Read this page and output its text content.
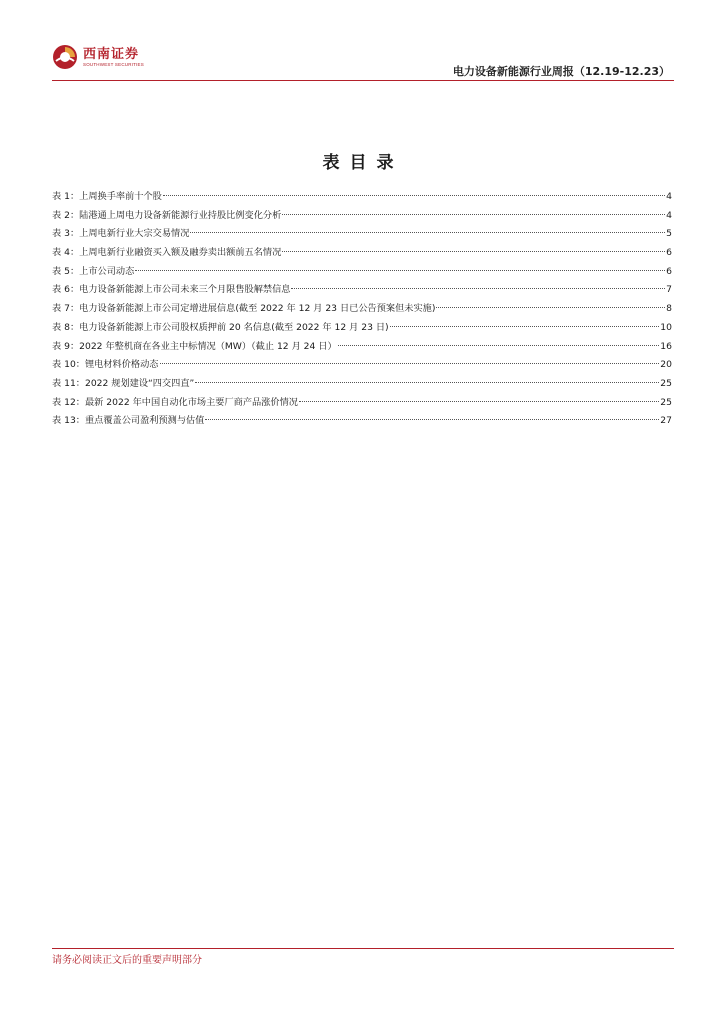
西南证券
SOUTHWEST SECURITIES
电力设备新能源行业周报（12.19-12.23）
表目录
表 1：上周换手率前十个股	4
表 2：陆港通上周电力设备新能源行业持股比例变化分析	4
表 3：上周电新行业大宗交易情况	5
表 4：上周电新行业融资买入额及融券卖出额前五名情况	6
表 5：上市公司动态	6
表 6：电力设备新能源上市公司未来三个月限售股解禁信息	7
表 7：电力设备新能源上市公司定增进展信息(截至 2022 年 12 月 23 日已公告预案但未实施)	8
表 8：电力设备新能源上市公司股权质押前 20 名信息(截至 2022 年 12 月 23 日)	10
表 9：2022 年整机商在各业主中标情况（MW）（截止 12 月 24 日）	16
表 10：锂电材料价格动态	20
表 11：2022 规划建设“四交四直”	25
表 12：最新 2022 年中国自动化市场主要厂商产品涨价情况	25
表 13：重点覆盖公司盈利预测与估值	27
请务必阅读正文后的重要声明部分
